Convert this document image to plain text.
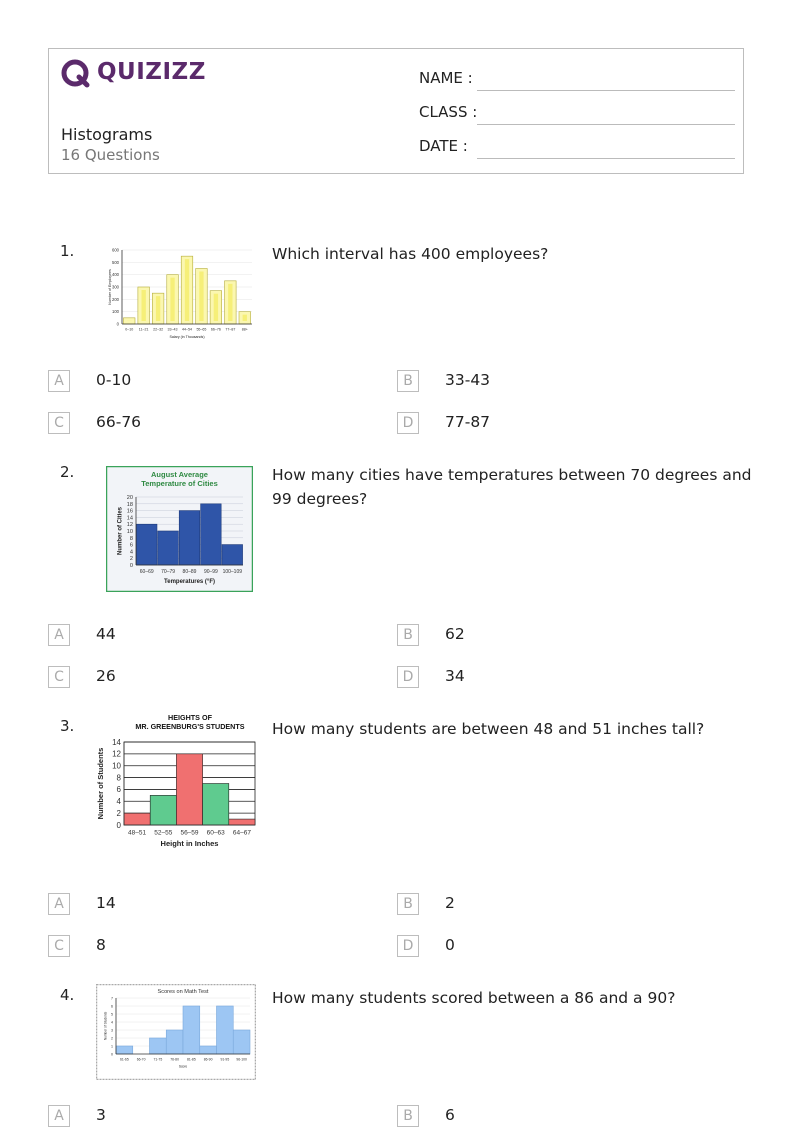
QUIZIZZ
Histograms
16 Questions
NAME :
CLASS :
DATE :
1.
0
100
200
300
400
500
600
0–10 11–21 22–32 33–43 44–54 55–65 66–76 77–87 88+
Salary (in Thousands)
Number of Employees
Which interval has 400 employees?
A	0-10	B	33-43
C	66-76	D	77-87
2.	August Average
Temperature of Cities
0
2
4
6
8
10
12
14
16
18
20
60–69 70–79 80–89 90–99 100–109
Temperatures (°F)
Number of Cities
How many cities have temperatures between 70 degrees and 99 degrees?
A	44	B	62
C	26	D	34
3.	HEIGHTS OF
MR. GREENBURG'S STUDENTS
0
2
4
6
8
10
12
14
48–51 52–55 56–59 60–63 64–67
Height in Inches
Number of Students
How many students are between 48 and 51 inches tall?
A	14	B	2
C	8	D	0
4.	Scores on Math Test
0
1
2
3
4
5
6
7
61-65 66-70 71-75 76-80 81-85 86-90 91-95 96-100
Score
Number of Students
How many students scored between a 86 and a 90?
A	3	B	6
